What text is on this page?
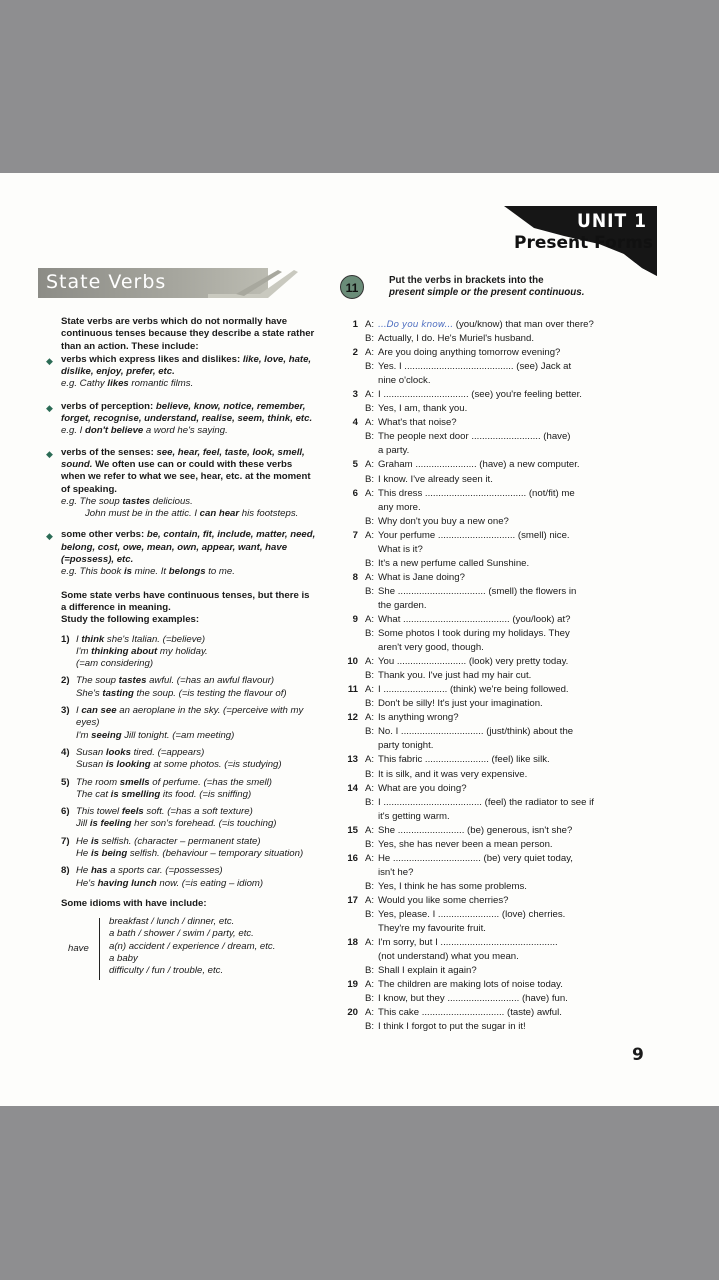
UNIT 1
Present Forms
State Verbs

State verbs are verbs which do not normally have continuous tenses because they describe a state rather than an action. These include:

◆ verbs which express likes and dislikes: like, love, hate, dislike, enjoy, prefer, etc.

e.g. Cathy likes romantic films.

◆ verbs of perception: believe, know, notice, remember, forget, recognise, understand, realise, seem, think, etc. e.g. I don't believe a word he's saying.

◆ verbs of the senses: see, hear, feel, taste, look, smell, sound. We often use can or could with these verbs when we refer to what we see, hear, etc. at the moment of speaking.

e.g. The soup tastes delicious.

John must be in the attic. I can hear his footsteps.

◆ some other verbs: be, contain, fit, include, matter, need, belong, cost, owe, mean, own, appear, want, have (=possess), etc.

e.g. This book is mine. It belongs to me.

Some state verbs have continuous tenses, but there is a difference in meaning.

Study the following examples:

1) I think she's Italian. (=believe)

I'm thinking about my holiday.

(=am considering)

2) The soup tastes awful. (=has an awful flavour)

She's tasting the soup. (=is testing the flavour of)

3) I can see an aeroplane in the sky. (=perceive with my eyes)

I'm seeing Jill tonight. (=am meeting)

4) Susan looks tired. (=appears)

Susan is looking at some photos. (=is studying)

5) The room smells of perfume. (=has the smell)

The cat is smelling its food. (=is sniffing)

6) This towel feels soft. (=has a soft texture)

Jill is feeling her son's forehead. (=is touching)

7) He is selfish. (character – permanent state)

He is being selfish. (behaviour – temporary situation)

8) He has a sports car. (=possesses)

He's having lunch now. (=is eating – idiom)

Some idioms with have include:

have
breakfast / lunch / dinner, etc.
a bath / shower / swim / party, etc.
a(n) accident / experience / dream, etc.
a baby
difficulty / fun / trouble, etc.
11
Put the verbs in brackets into the
present simple or the present continuous.
1 A: ...Do you know... (you/know) that man over there?
B: Actually, I do. He's Muriel's husband.
2 A: Are you doing anything tomorrow evening?
B: Yes. I ......................................... (see) Jack at
nine o'clock.
3 A: I ................................ (see) you're feeling better.
B: Yes, I am, thank you.
4 A: What's that noise?
B: The people next door .......................... (have)
a party.
5 A: Graham ....................... (have) a new computer.
B: I know. I've already seen it.
6 A: This dress ...................................... (not/fit) me
any more.
B: Why don't you buy a new one?
7 A: Your perfume ............................. (smell) nice.
What is it?
B: It's a new perfume called Sunshine.
8 A: What is Jane doing?
B: She ................................. (smell) the flowers in
the garden.
9 A: What ........................................ (you/look) at?
B: Some photos I took during my holidays. They
aren't very good, though.
10 A: You .......................... (look) very pretty today.
B: Thank you. I've just had my hair cut.
11 A: I ........................ (think) we're being followed.
B: Don't be silly! It's just your imagination.
12 A: Is anything wrong?
B: No. I ............................... (just/think) about the
party tonight.
13 A: This fabric ........................ (feel) like silk.
B: It is silk, and it was very expensive.
14 A: What are you doing?
B: I ..................................... (feel) the radiator to see if
it's getting warm.
15 A: She ......................... (be) generous, isn't she?
B: Yes, she has never been a mean person.
16 A: He ................................. (be) very quiet today,
isn't he?
B: Yes, I think he has some problems.
17 A: Would you like some cherries?
B: Yes, please. I ....................... (love) cherries.
They're my favourite fruit.
18 A: I'm sorry, but I ............................................
(not understand) what you mean.
B: Shall I explain it again?
19 A: The children are making lots of noise today.
B: I know, but they ........................... (have) fun.
20 A: This cake ............................... (taste) awful.
B: I think I forgot to put the sugar in it!
9
